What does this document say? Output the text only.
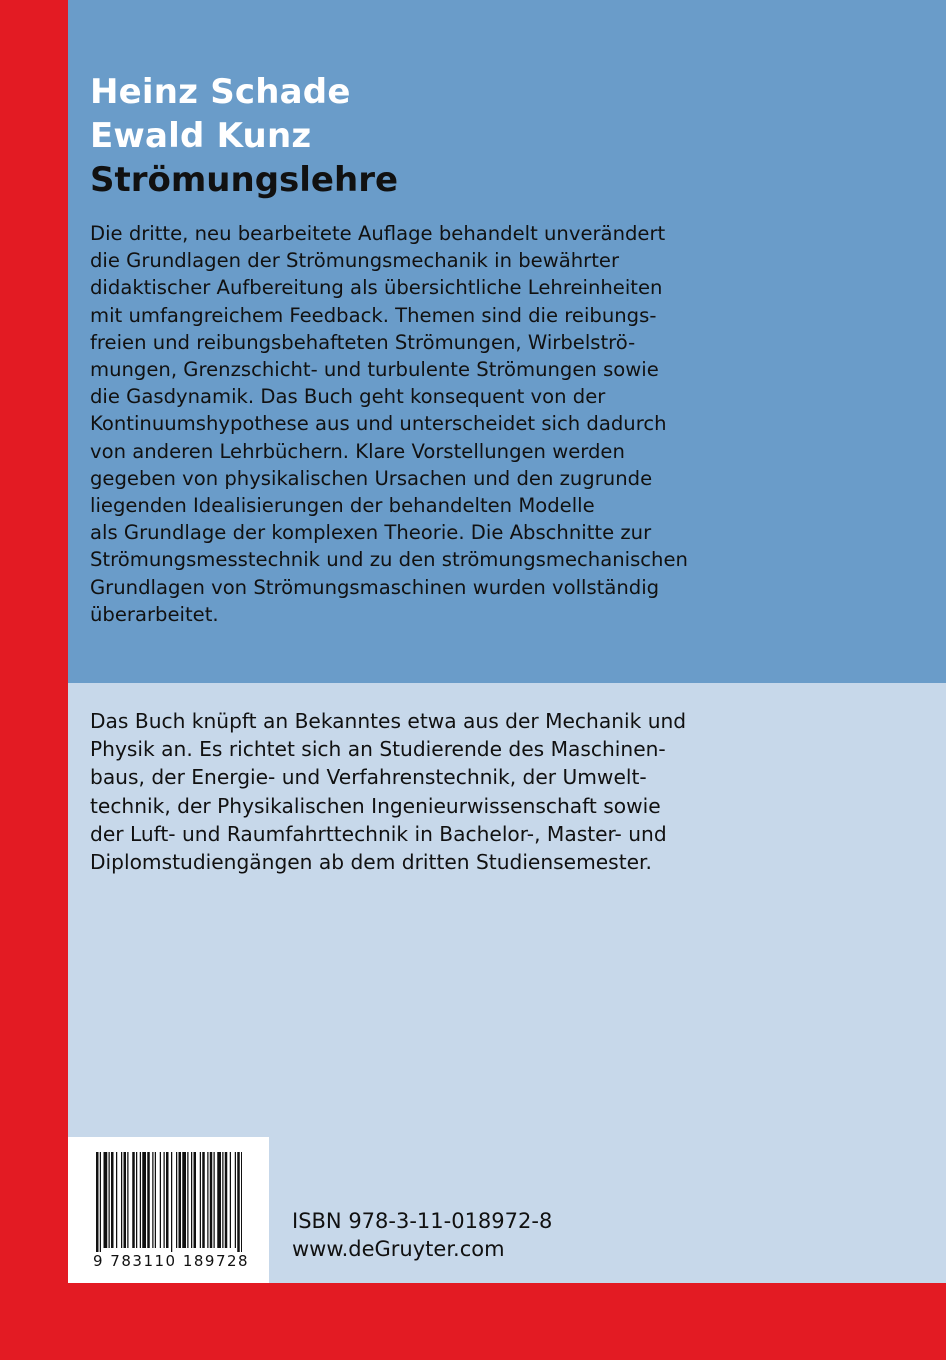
Heinz Schade
Ewald Kunz
Strömungslehre

Die dritte, neu bearbeitete Auflage behandelt unverändert
die Grundlagen der Strömungsmechanik in bewährter
didaktischer Aufbereitung als übersichtliche Lehreinheiten
mit umfangreichem Feedback. Themen sind die reibungs-
freien und reibungsbehafteten Strömungen, Wirbelströ-
mungen, Grenzschicht- und turbulente Strömungen sowie
die Gasdynamik. Das Buch geht konsequent von der
Kontinuumshypothese aus und unterscheidet sich dadurch
von anderen Lehrbüchern. Klare Vorstellungen werden
gegeben von physikalischen Ursachen und den zugrunde
liegenden Idealisierungen der behandelten Modelle
als Grundlage der komplexen Theorie. Die Abschnitte zur
Strömungsmesstechnik und zu den strömungsmechanischen
Grundlagen von Strömungsmaschinen wurden vollständig
überarbeitet.

Das Buch knüpft an Bekanntes etwa aus der Mechanik und
Physik an. Es richtet sich an Studierende des Maschinen-
baus, der Energie- und Verfahrenstechnik, der Umwelt-
technik, der Physikalischen Ingenieurwissenschaft sowie
der Luft- und Raumfahrttechnik in Bachelor-, Master- und
Diplomstudiengängen ab dem dritten Studiensemester.

9 783110 189728
ISBN 978-3-11-018972-8
www.deGruyter.com
